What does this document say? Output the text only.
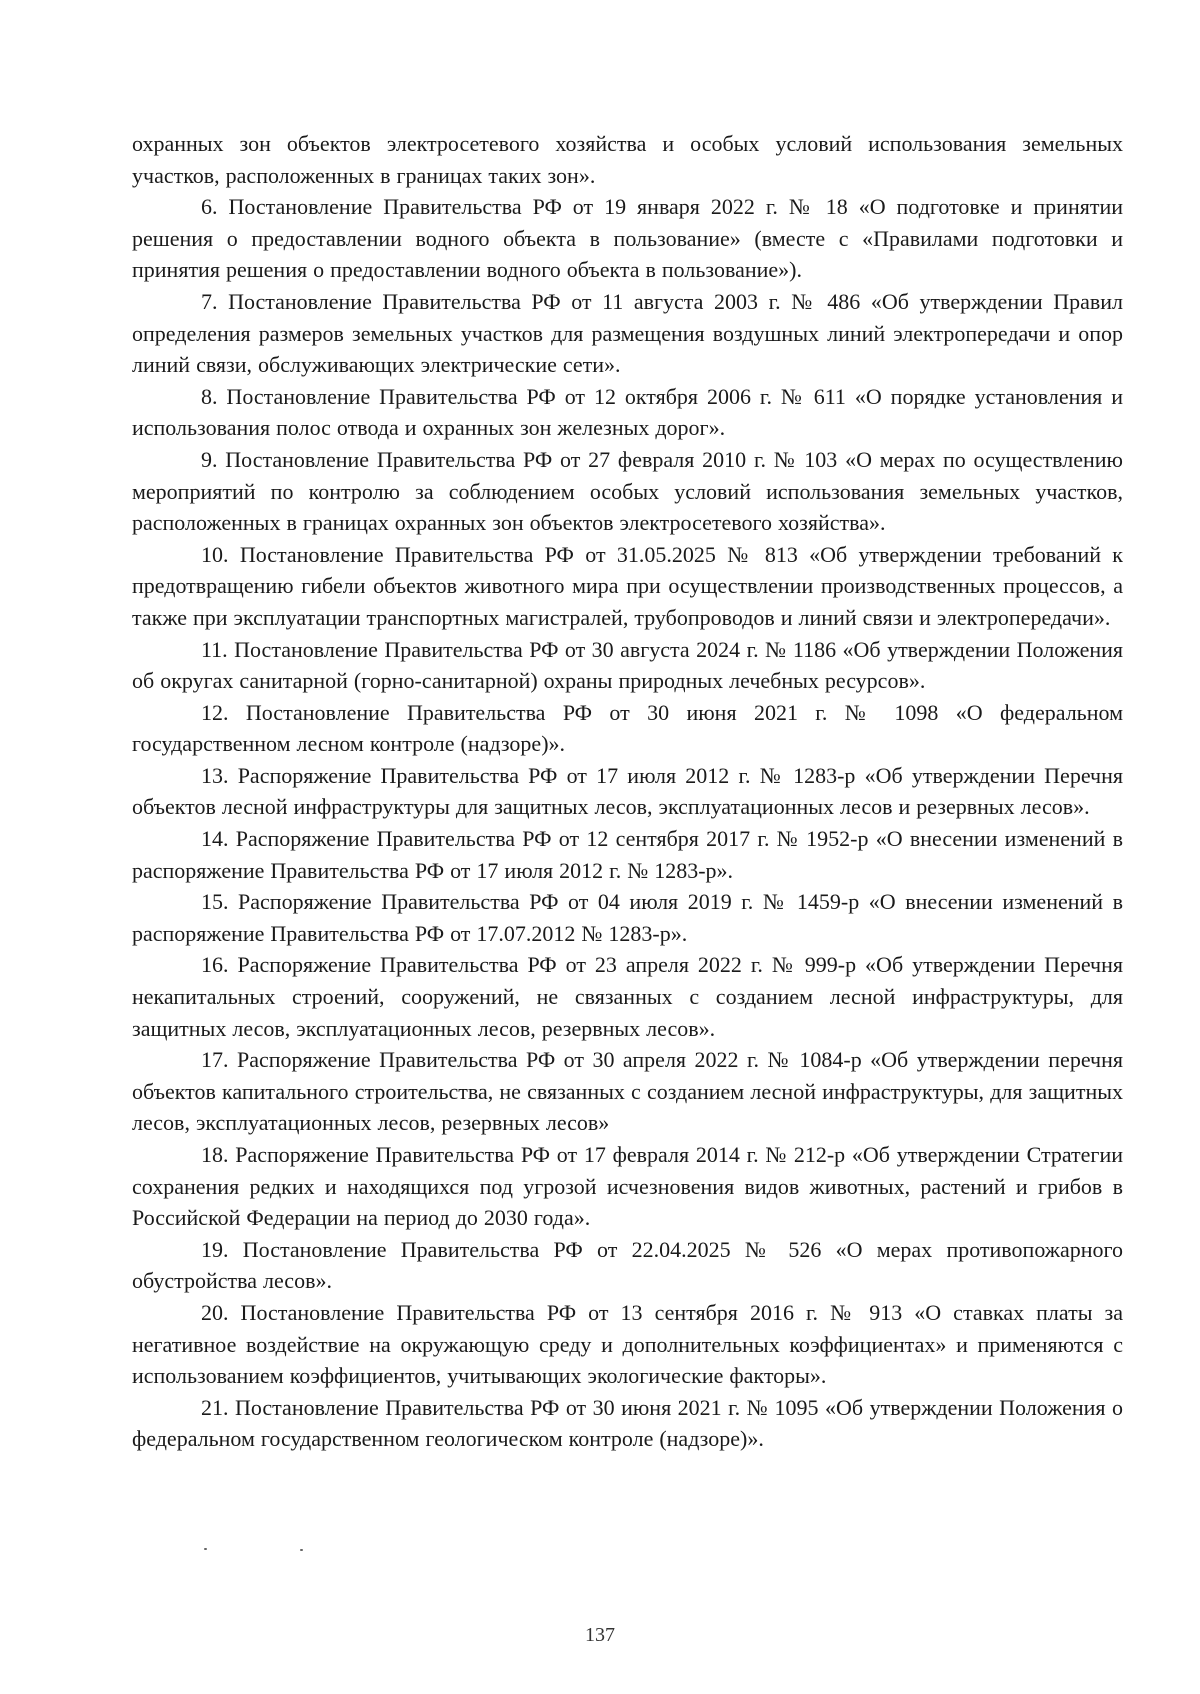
охранных зон объектов электросетевого хозяйства и особых условий использования земельных участков, расположенных в границах таких зон».

6. Постановление Правительства РФ от 19 января 2022 г. № 18 «О подготовке и принятии решения о предоставлении водного объекта в пользование» (вместе с «Правилами подготовки и принятия решения о предоставлении водного объекта в пользование»).

7. Постановление Правительства РФ от 11 августа 2003 г. № 486 «Об утверждении Правил определения размеров земельных участков для размещения воздушных линий электропередачи и опор линий связи, обслуживающих электрические сети».

8. Постановление Правительства РФ от 12 октября 2006 г. № 611 «О порядке установления и использования полос отвода и охранных зон железных дорог».

9. Постановление Правительства РФ от 27 февраля 2010 г. № 103 «О мерах по осуществлению мероприятий по контролю за соблюдением особых условий использования земельных участков, расположенных в границах охранных зон объектов электросетевого хозяйства».

10. Постановление Правительства РФ от 31.05.2025 № 813 «Об утверждении требований к предотвращению гибели объектов животного мира при осуществлении производственных процессов, а также при эксплуатации транспортных магистралей, трубопроводов и линий связи и электропередачи».

11. Постановление Правительства РФ от 30 августа 2024 г. № 1186 «Об утверждении Положения об округах санитарной (горно-санитарной) охраны природных лечебных ресурсов».

12. Постановление Правительства РФ от 30 июня 2021 г. № 1098 «О федеральном государственном лесном контроле (надзоре)».

13. Распоряжение Правительства РФ от 17 июля 2012 г. № 1283-р «Об утверждении Перечня объектов лесной инфраструктуры для защитных лесов, эксплуатационных лесов и резервных лесов».

14. Распоряжение Правительства РФ от 12 сентября 2017 г. № 1952-р «О внесении изменений в распоряжение Правительства РФ от 17 июля 2012 г. № 1283-р».

15. Распоряжение Правительства РФ от 04 июля 2019 г. № 1459-р «О внесении изменений в распоряжение Правительства РФ от 17.07.2012 № 1283-р».

16. Распоряжение Правительства РФ от 23 апреля 2022 г. № 999-р «Об утверждении Перечня некапитальных строений, сооружений, не связанных с созданием лесной инфраструктуры, для защитных лесов, эксплуатационных лесов, резервных лесов».

17. Распоряжение Правительства РФ от 30 апреля 2022 г. № 1084-р «Об утверждении перечня объектов капитального строительства, не связанных с созданием лесной инфраструктуры, для защитных лесов, эксплуатационных лесов, резервных лесов»

18. Распоряжение Правительства РФ от 17 февраля 2014 г. № 212-р «Об утверждении Стратегии сохранения редких и находящихся под угрозой исчезновения видов животных, растений и грибов в Российской Федерации на период до 2030 года».

19. Постановление Правительства РФ от 22.04.2025 № 526 «О мерах противопожарного обустройства лесов».

20. Постановление Правительства РФ от 13 сентября 2016 г. № 913 «О ставках платы за негативное воздействие на окружающую среду и дополнительных коэффициентах» и применяются с использованием коэффициентов, учитывающих экологические факторы».

21. Постановление Правительства РФ от 30 июня 2021 г. № 1095 «Об утверждении Положения о федеральном государственном геологическом контроле (надзоре)».

137
